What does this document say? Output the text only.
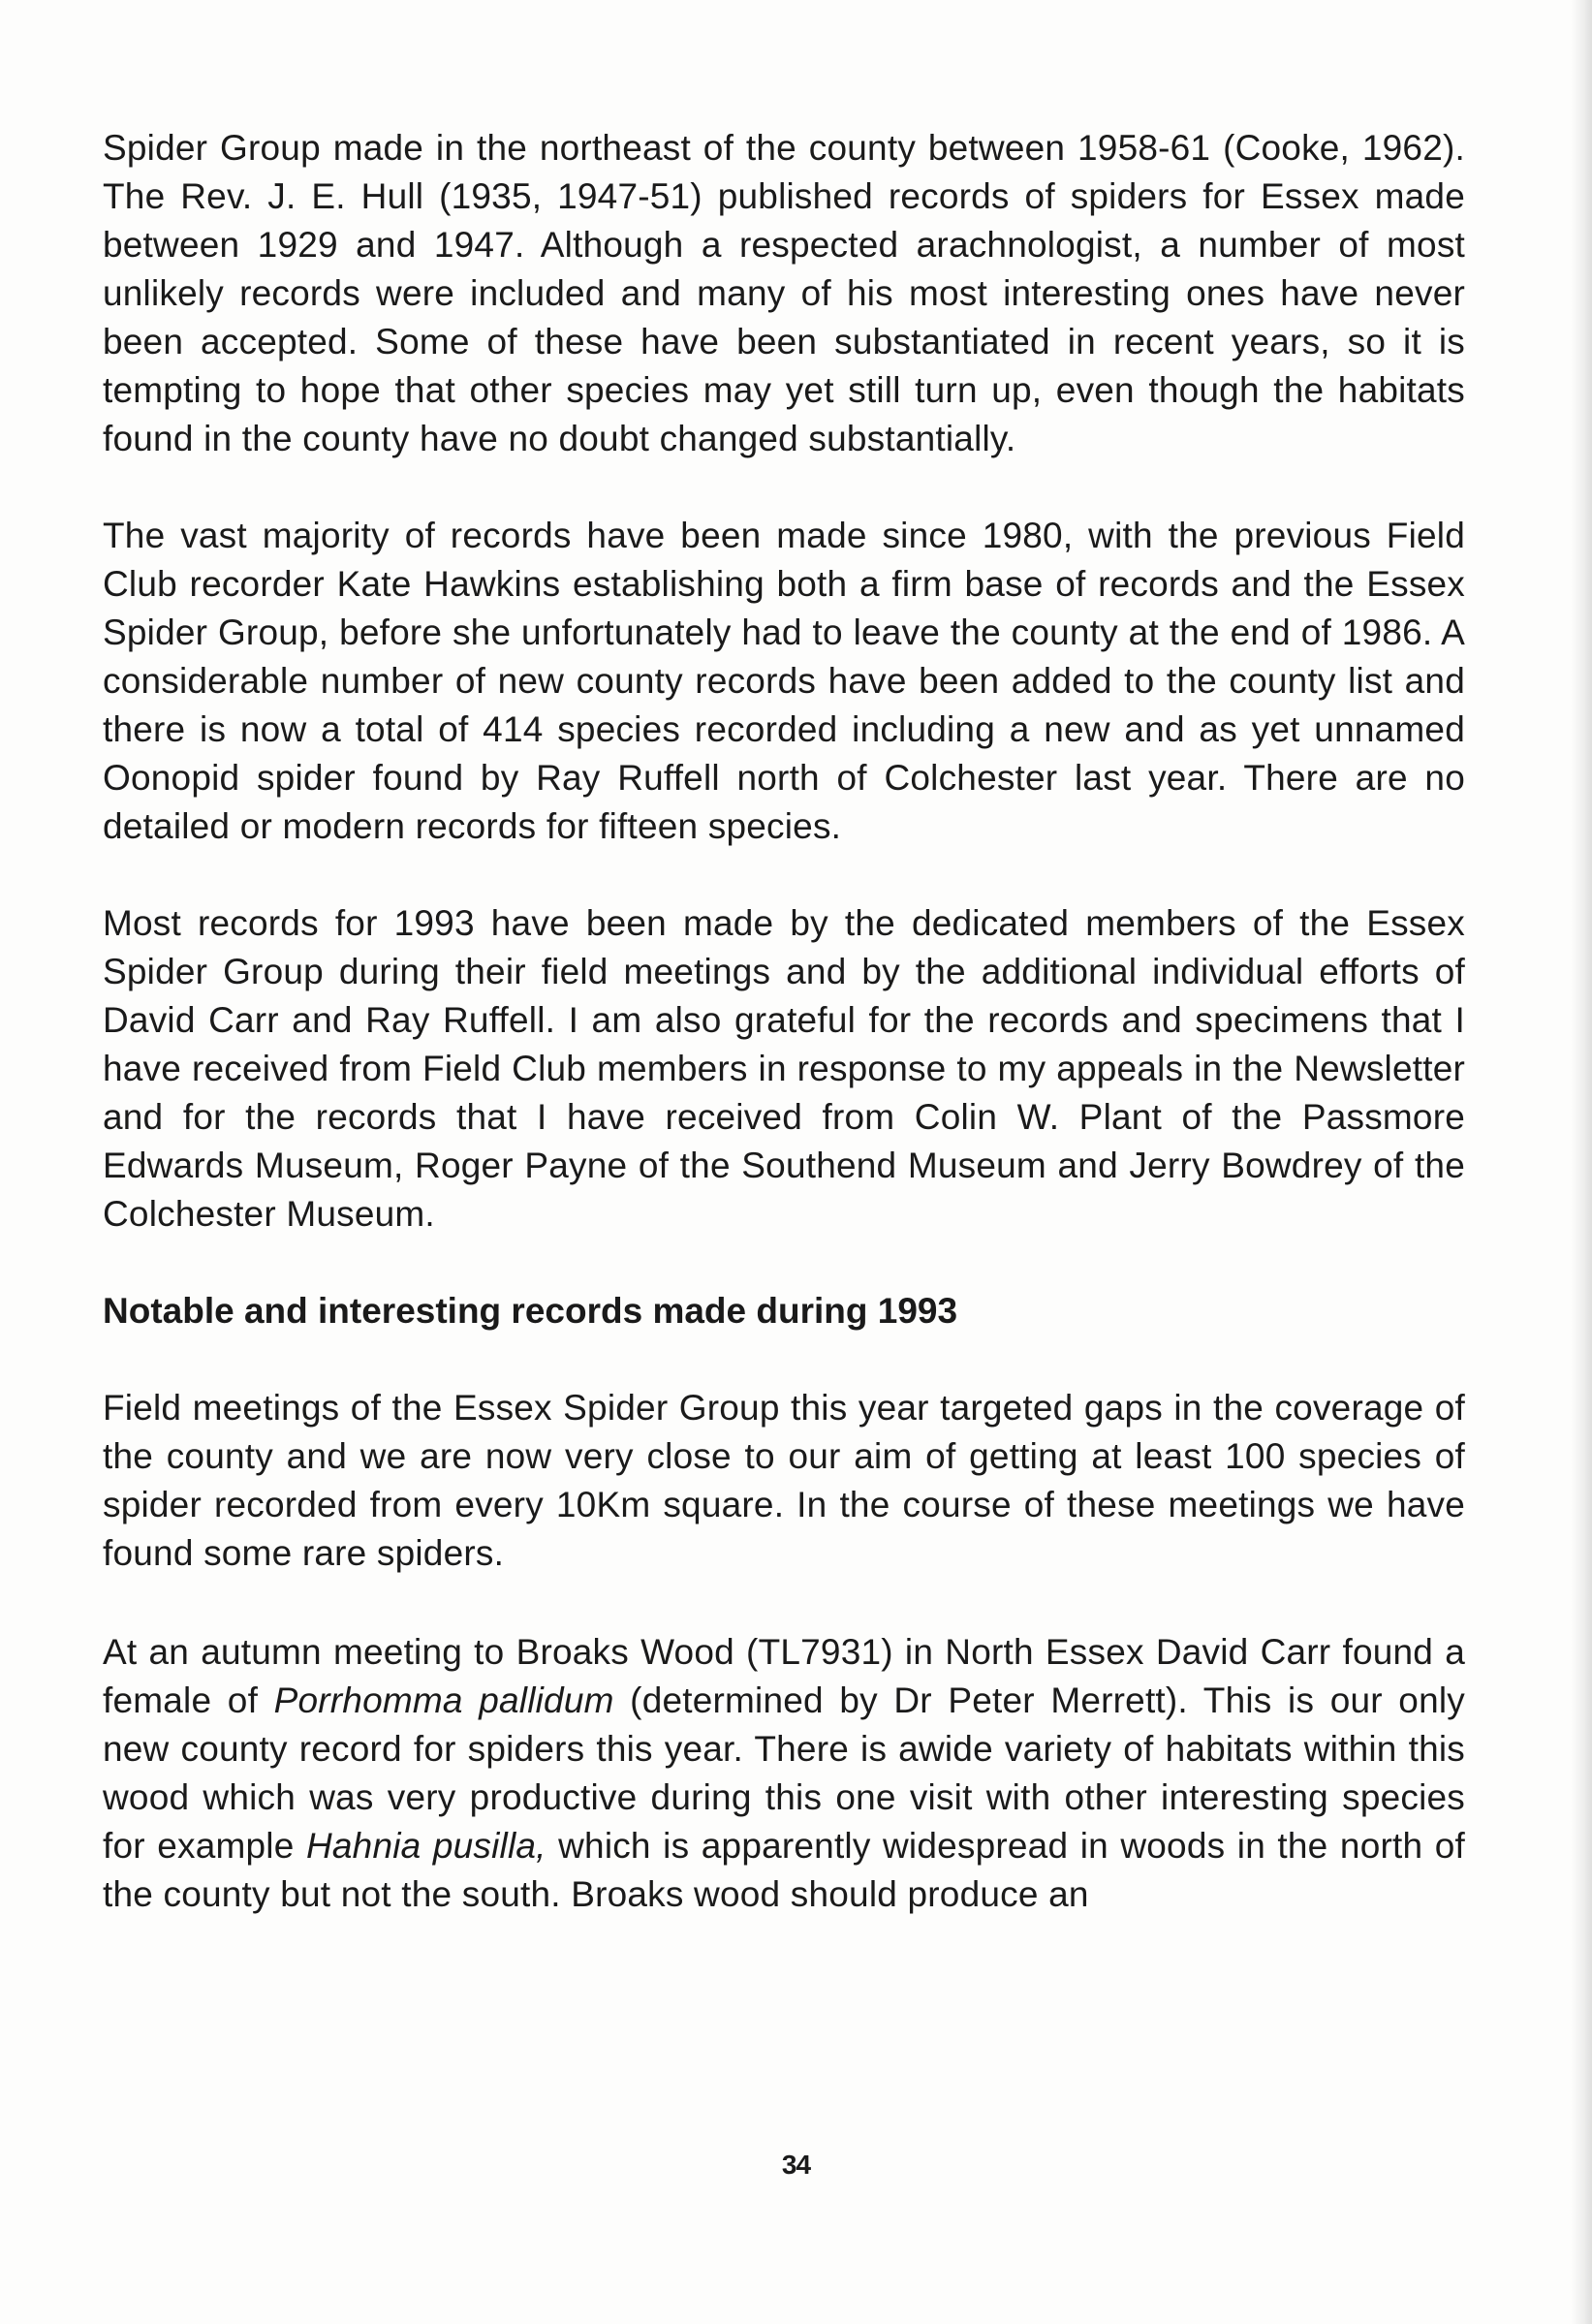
Spider Group made in the northeast of the county between 1958-61 (Cooke, 1962). The Rev. J. E. Hull (1935, 1947-51) published records of spiders for Essex made between 1929 and 1947. Although a respected arachnologist, a number of most unlikely records were included and many of his most interesting ones have never been accepted. Some of these have been substantiated in recent years, so it is tempting to hope that other species may yet still turn up, even though the habitats found in the county have no doubt changed substantially.

The vast majority of records have been made since 1980, with the previous Field Club recorder Kate Hawkins establishing both a firm base of records and the Essex Spider Group, before she unfortunately had to leave the county at the end of 1986. A considerable number of new county records have been added to the county list and there is now a total of 414 species recorded including a new and as yet unnamed Oonopid spider found by Ray Ruffell north of Colchester last year. There are no detailed or modern records for fifteen species.

Most records for 1993 have been made by the dedicated members of the Essex Spider Group during their field meetings and by the additional individual efforts of David Carr and Ray Ruffell. I am also grateful for the records and specimens that I have received from Field Club members in response to my appeals in the Newsletter and for the records that I have received from Colin W. Plant of the Passmore Edwards Museum, Roger Payne of the Southend Museum and Jerry Bowdrey of the Colchester Museum.

Notable and interesting records made during 1993

Field meetings of the Essex Spider Group this year targeted gaps in the coverage of the county and we are now very close to our aim of getting at least 100 species of spider recorded from every 10Km square. In the course of these meetings we have found some rare spiders.

At an autumn meeting to Broaks Wood (TL7931) in North Essex David Carr found a female of Porrhomma pallidum (determined by Dr Peter Merrett). This is our only new county record for spiders this year. There is awide variety of habitats within this wood which was very productive during this one visit with other interesting species for example Hahnia pusilla, which is apparently widespread in woods in the north of the county but not the south. Broaks wood should produce an

34
